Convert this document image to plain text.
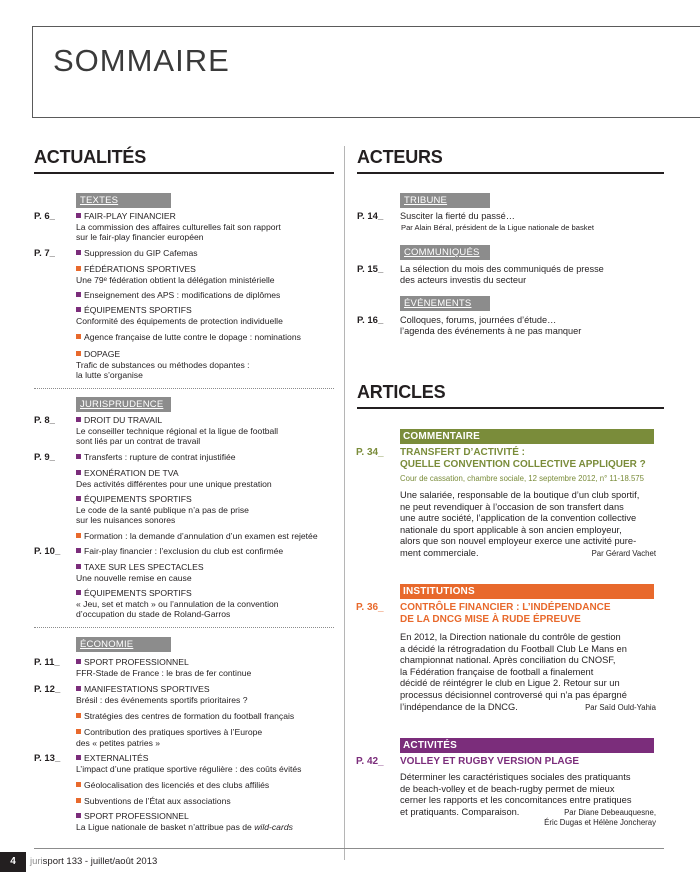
SOMMAIRE
ACTUALITÉS
TEXTES
P. 6_	FAIR-PLAY FINANCIER
La commission des affaires culturelles fait son rapport
sur le fair-play financier européen
P. 7_	Suppression du GIP Cafemas
FÉDÉRATIONS SPORTIVES
Une 79ᵉ fédération obtient la délégation ministérielle
Enseignement des APS : modifications de diplômes
ÉQUIPEMENTS SPORTIFS
Conformité des équipements de protection individuelle
Agence française de lutte contre le dopage : nominations
DOPAGE
Trafic de substances ou méthodes dopantes :
la lutte s’organise
JURISPRUDENCE
P. 8_	DROIT DU TRAVAIL
Le conseiller technique régional et la ligue de football
sont liés par un contrat de travail
P. 9_	Transferts : rupture de contrat injustifiée
EXONÉRATION DE TVA
Des activités différentes pour une unique prestation
ÉQUIPEMENTS SPORTIFS
Le code de la santé publique n’a pas de prise
sur les nuisances sonores
Formation : la demande d’annulation d’un examen est rejetée
P. 10_	Fair-play financier : l’exclusion du club est confirmée
TAXE SUR LES SPECTACLES
Une nouvelle remise en cause
ÉQUIPEMENTS SPORTIFS
« Jeu, set et match » ou l’annulation de la convention
d’occupation du stade de Roland-Garros
ÉCONOMIE
P. 11_	SPORT PROFESSIONNEL
FFR-Stade de France : le bras de fer continue
P. 12_	MANIFESTATIONS SPORTIVES
Brésil : des événements sportifs prioritaires ?
Stratégies des centres de formation du football français
Contribution des pratiques sportives à l’Europe
des « petites patries »
P. 13_	EXTERNALITÉS
L’impact d’une pratique sportive régulière : des coûts évités
Géolocalisation des licenciés et des clubs affiliés
Subventions de l’État aux associations
SPORT PROFESSIONNEL
La Ligue nationale de basket n’attribue pas de wild-cards
ACTEURS
TRIBUNE
P. 14_ Susciter la fierté du passé…
Par Alain Béral, président de la Ligue nationale de basket
COMMUNIQUÉS
P. 15_ La sélection du mois des communiqués de presse
des acteurs investis du secteur
ÉVÉNEMENTS
P. 16_ Colloques, forums, journées d’étude…
l’agenda des événements à ne pas manquer
ARTICLES
COMMENTAIRE
P. 34_ TRANSFERT D’ACTIVITÉ :
QUELLE CONVENTION COLLECTIVE APPLIQUER ?
Cour de cassation, chambre sociale, 12 septembre 2012, n° 11-18.575
Une salariée, responsable de la boutique d’un club sportif,
ne peut revendiquer à l’occasion de son transfert dans
une autre société, l’application de la convention collective
nationale du sport applicable à son ancien employeur,
alors que son nouvel employeur exerce une activité pure-
ment commerciale.	Par Gérard Vachet
INSTITUTIONS
P. 36_ CONTRÔLE FINANCIER : L’INDÉPENDANCE
DE LA DNCG MISE À RUDE ÉPREUVE
En 2012, la Direction nationale du contrôle de gestion
a décidé la rétrogradation du Football Club Le Mans en
championnat national. Après conciliation du CNOSF,
la Fédération française de football a finalement
décidé de réintégrer le club en Ligue 2. Retour sur un
processus décisionnel controversé qui n’a pas épargné
l’indépendance de la DNCG.	Par Saïd Ould-Yahia
ACTIVITÉS
P. 42_ VOLLEY ET RUGBY VERSION PLAGE
Déterminer les caractéristiques sociales des pratiquants
de beach-volley et de beach-rugby permet de mieux
cerner les rapports et les concomitances entre pratiques
et pratiquants. Comparaison.	Par Diane Debeauquesne,
Éric Dugas et Hélène Joncheray
4	jurisport 133 - juillet/août 2013
